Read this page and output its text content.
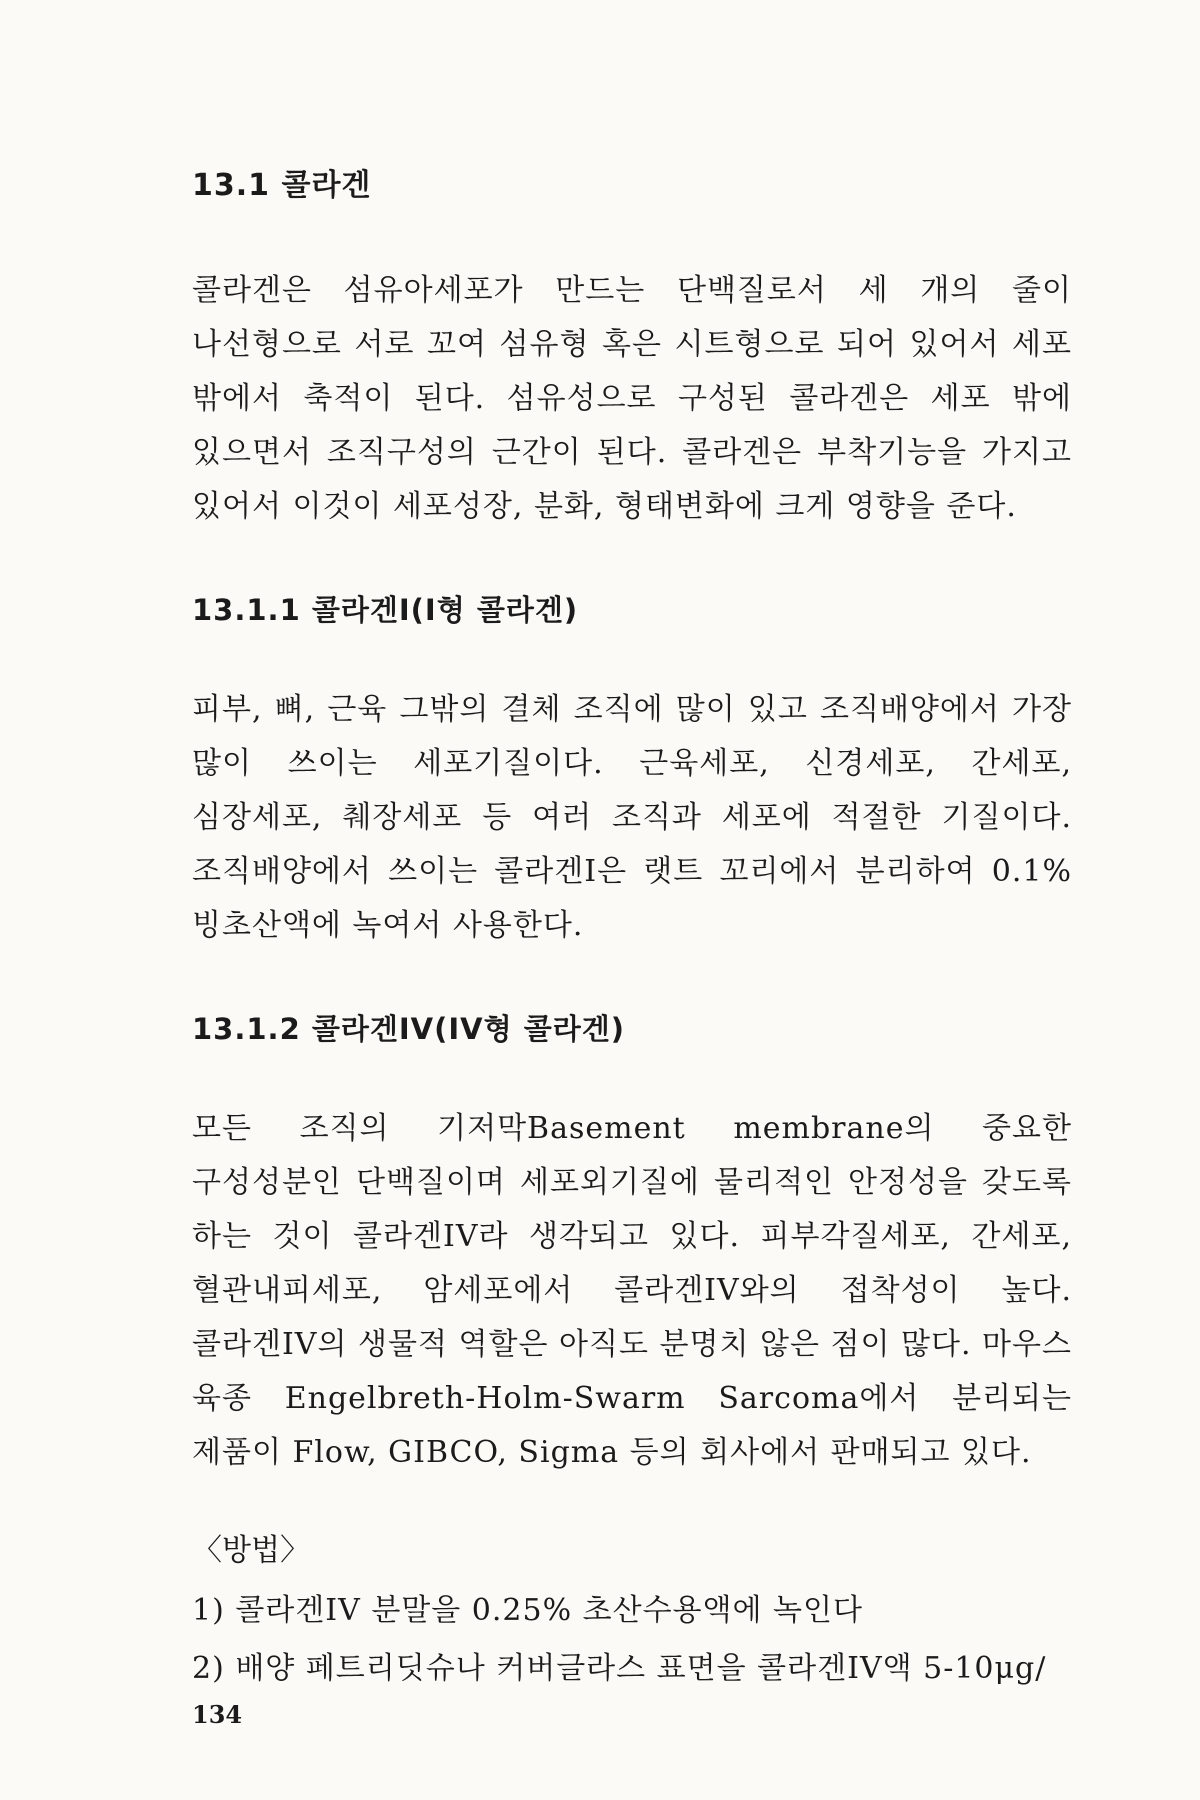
13.1 콜라겐

콜라겐은 섬유아세포가 만드는 단백질로서 세 개의 줄이 나선형으로 서로 꼬여 섬유형 혹은 시트형으로 되어 있어서 세포 밖에서 축적이 된다. 섬유성으로 구성된 콜라겐은 세포 밖에 있으면서 조직구성의 근간이 된다. 콜라겐은 부착기능을 가지고 있어서 이것이 세포성장, 분화, 형태변화에 크게 영향을 준다.

13.1.1 콜라겐I(I형 콜라겐)

피부, 뼈, 근육 그밖의 결체 조직에 많이 있고 조직배양에서 가장 많이 쓰이는 세포기질이다. 근육세포, 신경세포, 간세포, 심장세포, 췌장세포 등 여러 조직과 세포에 적절한 기질이다. 조직배양에서 쓰이는 콜라겐I은 랫트 꼬리에서 분리하여 0.1% 빙초산액에 녹여서 사용한다.

13.1.2 콜라겐IV(IV형 콜라겐)

모든 조직의 기저막Basement membrane의 중요한 구성성분인 단백질이며 세포외기질에 물리적인 안정성을 갖도록 하는 것이 콜라겐IV라 생각되고 있다. 피부각질세포, 간세포, 혈관내피세포, 암세포에서 콜라겐IV와의 접착성이 높다. 콜라겐IV의 생물적 역할은 아직도 분명치 않은 점이 많다. 마우스 육종 Engelbreth-Holm-Swarm Sarcoma에서 분리되는 제품이 Flow, GIBCO, Sigma 등의 회사에서 판매되고 있다.

〈방법〉

1) 콜라겐IV 분말을 0.25% 초산수용액에 녹인다
2) 배양 페트리딧슈나 커버글라스 표면을 콜라겐IV액 5-10μg/
134
